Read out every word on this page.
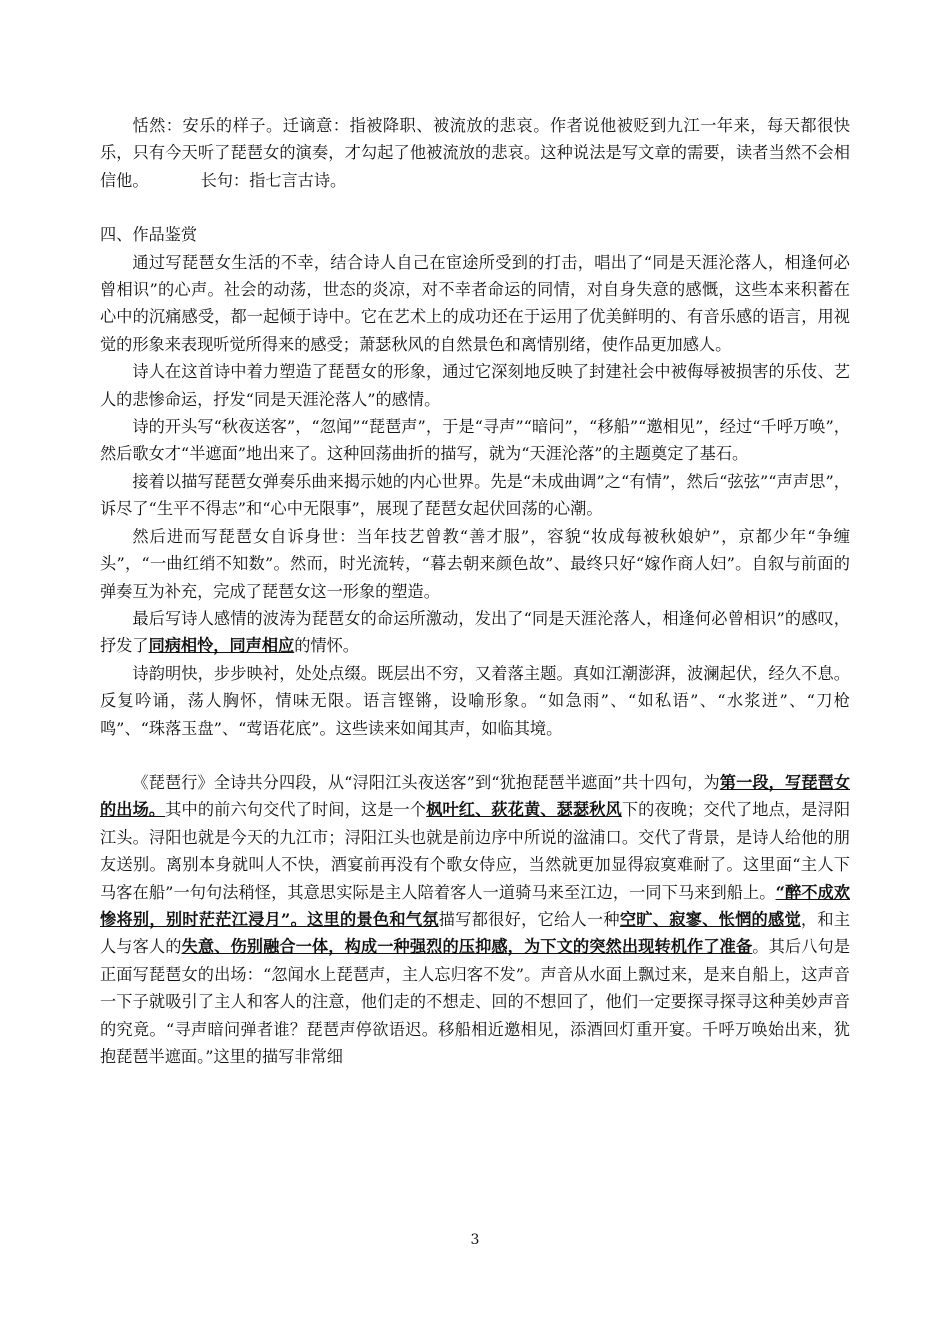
恬然：安乐的样子。迁谪意：指被降职、被流放的悲哀。作者说他被贬到九江一年来，每天都很快乐，只有今天听了琵琶女的演奏，才勾起了他被流放的悲哀。这种说法是写文章的需要，读者当然不会相信他。	长句：指七言古诗。

四、作品鉴赏

通过写琵琶女生活的不幸，结合诗人自己在宦途所受到的打击，唱出了“同是天涯沦落人，相逢何必曾相识”的心声。社会的动荡，世态的炎凉，对不幸者命运的同情，对自身失意的感慨，这些本来积蓄在心中的沉痛感受，都一起倾于诗中。它在艺术上的成功还在于运用了优美鲜明的、有音乐感的语言，用视觉的形象来表现听觉所得来的感受；萧瑟秋风的自然景色和离情别绪，使作品更加感人。

诗人在这首诗中着力塑造了琵琶女的形象，通过它深刻地反映了封建社会中被侮辱被损害的乐伎、艺人的悲惨命运，抒发“同是天涯沦落人”的感情。

诗的开头写“秋夜送客”，“忽闻”“琵琶声”，于是“寻声”“暗问”，“移船”“邀相见”，经过“千呼万唤”，然后歌女才“半遮面”地出来了。这种回荡曲折的描写，就为“天涯沦落”的主题奠定了基石。

接着以描写琵琶女弹奏乐曲来揭示她的内心世界。先是“未成曲调”之“有情”，然后“弦弦”“声声思”，诉尽了“生平不得志”和“心中无限事”，展现了琵琶女起伏回荡的心潮。

然后进而写琵琶女自诉身世：当年技艺曾教“善才服”，容貌“妆成每被秋娘妒”，京都少年“争缠头”，“一曲红绡不知数”。然而，时光流转，“暮去朝来颜色故”、最终只好“嫁作商人妇”。自叙与前面的弹奏互为补充，完成了琵琶女这一形象的塑造。

最后写诗人感情的波涛为琵琶女的命运所激动，发出了“同是天涯沦落人，相逢何必曾相识”的感叹，抒发了同病相怜，同声相应的情怀。

诗韵明快，步步映衬，处处点缀。既层出不穷，又着落主题。真如江潮澎湃，波澜起伏，经久不息。反复吟诵，荡人胸怀，情味无限。语言铿锵，设喻形象。“如急雨”、“如私语”、“水浆迸”、“刀枪鸣”、“珠落玉盘”、“莺语花底”。这些读来如闻其声，如临其境。

《琵琶行》全诗共分四段，从“浔阳江头夜送客”到“犹抱琵琶半遮面”共十四句，为第一段，写琵琶女的出场。其中的前六句交代了时间，这是一个枫叶红、荻花黄、瑟瑟秋风下的夜晚；交代了地点，是浔阳江头。浔阳也就是今天的九江市；浔阳江头也就是前边序中所说的湓浦口。交代了背景，是诗人给他的朋友送别。离别本身就叫人不快，酒宴前再没有个歌女侍应，当然就更加显得寂寞难耐了。这里面“主人下马客在船”一句句法稍怪，其意思实际是主人陪着客人一道骑马来至江边，一同下马来到船上。“醉不成欢惨将别，别时茫茫江浸月”。这里的景色和气氛描写都很好，它给人一种空旷、寂寥、怅惘的感觉，和主人与客人的失意、伤别融合一体，构成一种强烈的压抑感，为下文的突然出现转机作了准备。其后八句是正面写琵琶女的出场：“忽闻水上琵琶声，主人忘归客不发”。声音从水面上飘过来，是来自船上，这声音一下子就吸引了主人和客人的注意，他们走的不想走、回的不想回了，他们一定要探寻探寻这种美妙声音的究竟。“寻声暗问弹者谁？琵琶声停欲语迟。移船相近邀相见，添酒回灯重开宴。千呼万唤始出来，犹抱琵琶半遮面。”这里的描写非常细

3
